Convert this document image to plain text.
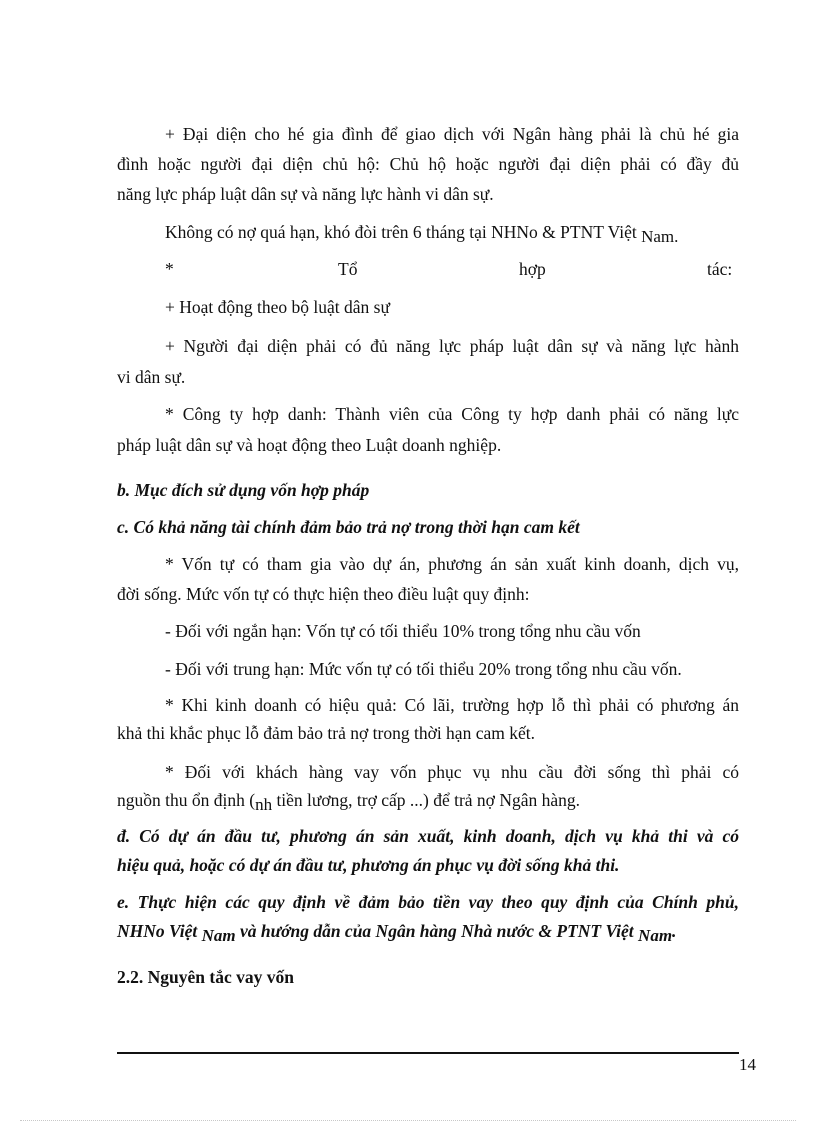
+ Đại diện cho hé gia đình để giao dịch với Ngân hàng phải là chủ hé gia
đình hoặc người đại diện chủ hộ: Chủ hộ hoặc người đại diện phải có đầy đủ
năng lực pháp luật dân sự và năng lực hành vi dân sự.
Không có nợ quá hạn, khó đòi trên 6 tháng tại NHNo & PTNT Việt Nam.
*	Tổ	hợp	tác:
+ Hoạt động theo bộ luật dân sự
+ Người đại diện phải có đủ năng lực pháp luật dân sự và năng lực hành
vi dân sự.
* Công ty hợp danh: Thành viên của Công ty hợp danh phải có năng lực
pháp luật dân sự và hoạt động theo Luật doanh nghiệp.
b. Mục đích sử dụng vốn hợp pháp
c. Có khả năng tài chính đảm bảo trả nợ trong thời hạn cam kết
* Vốn tự có tham gia vào dự án, phương án sản xuất kinh doanh, dịch vụ,
đời sống. Mức vốn tự có thực hiện theo điều luật quy định:
- Đối với ngắn hạn: Vốn tự có tối thiểu 10% trong tổng nhu cầu vốn
- Đối với trung hạn: Mức vốn tự có tối thiểu 20% trong tổng nhu cầu vốn.
* Khi kinh doanh có hiệu quả: Có lãi, trường hợp lỗ thì phải có phương án
khả thi khắc phục lỗ đảm bảo trả nợ trong thời hạn cam kết.
* Đối với khách hàng vay vốn phục vụ nhu cầu đời sống thì phải có
nguồn thu ổn định (nh tiền lương, trợ cấp ...) để trả nợ Ngân hàng.
đ. Có dự án đầu tư, phương án sản xuất, kinh doanh, dịch vụ khả thi và có
hiệu quả, hoặc có dự án đầu tư, phương án phục vụ đời sống khả thi.
e. Thực hiện các quy định về đảm bảo tiền vay theo quy định của Chính phủ,
NHNo Việt Nam và hướng dẫn của Ngân hàng Nhà nước & PTNT Việt Nam.
2.2. Nguyên tắc vay vốn
14
